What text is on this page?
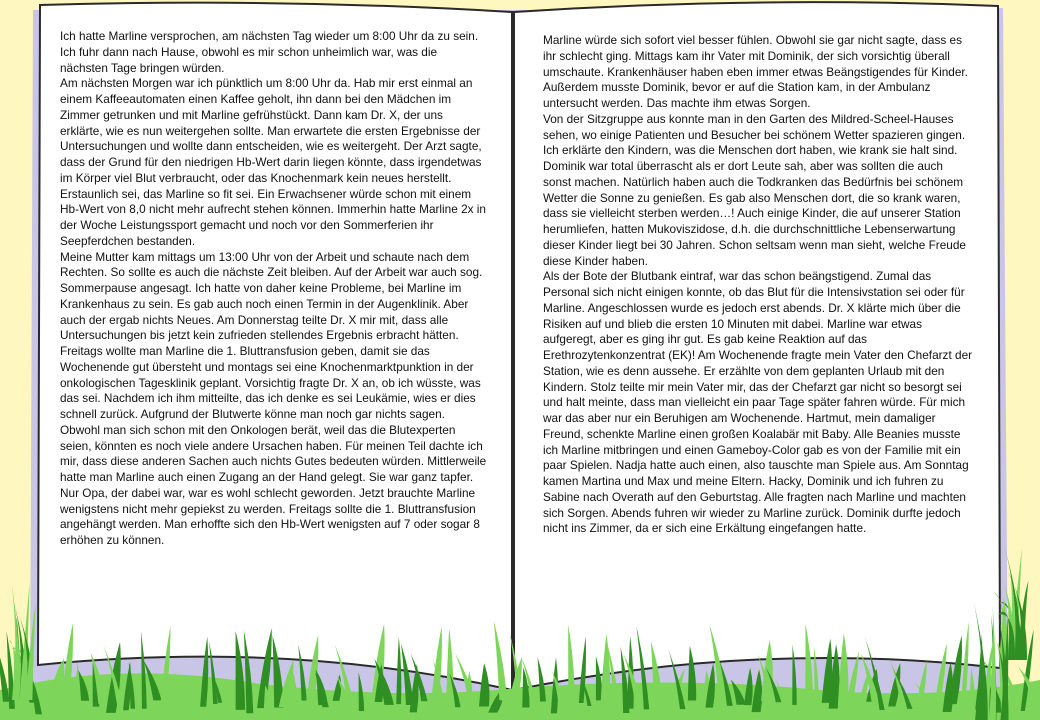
Ich hatte Marline versprochen, am nächsten Tag wieder um 8:00 Uhr da zu sein. Ich fuhr dann nach Hause, obwohl es mir schon unheimlich war, was die nächsten Tage bringen würden.

Am nächsten Morgen war ich pünktlich um 8:00 Uhr da. Hab mir erst einmal an einem Kaffeeautomaten einen Kaffee geholt, ihn dann bei den Mädchen im Zimmer getrunken und mit Marline gefrühstückt. Dann kam Dr. X, der uns erklärte, wie es nun weitergehen sollte. Man erwartete die ersten Ergebnisse der Untersuchungen und wollte dann entscheiden, wie es weitergeht. Der Arzt sagte, dass der Grund für den niedrigen Hb-Wert darin liegen könnte, dass irgendetwas im Körper viel Blut verbraucht, oder das Knochenmark kein neues herstellt. Erstaunlich sei, das Marline so fit sei. Ein Erwachsener würde schon mit einem Hb-Wert von 8,0 nicht mehr aufrecht stehen können. Immerhin hatte Marline 2x in der Woche Leistungssport gemacht und noch vor den Sommerferien ihr Seepferdchen bestanden.

Meine Mutter kam mittags um 13:00 Uhr von der Arbeit und schaute nach dem Rechten. So sollte es auch die nächste Zeit bleiben. Auf der Arbeit war auch sog. Sommerpause angesagt. Ich hatte von daher keine Probleme, bei Marline im Krankenhaus zu sein. Es gab auch noch einen Termin in der Augenklinik. Aber auch der ergab nichts Neues. Am Donnerstag teilte Dr. X mir mit, dass alle Untersuchungen bis jetzt kein zufrieden stellendes Ergebnis erbracht hätten. Freitags wollte man Marline die 1. Bluttransfusion geben, damit sie das Wochenende gut übersteht und montags sei eine Knochenmarktpunktion in der onkologischen Tagesklinik geplant. Vorsichtig fragte Dr. X an, ob ich wüsste, was das sei. Nachdem ich ihm mitteilte, das ich denke es sei Leukämie, wies er dies schnell zurück. Aufgrund der Blutwerte könne man noch gar nichts sagen. Obwohl man sich schon mit den Onkologen berät, weil das die Blutexperten seien, könnten es noch viele andere Ursachen haben. Für meinen Teil dachte ich mir, dass diese anderen Sachen auch nichts Gutes bedeuten würden. Mittlerweile hatte man Marline auch einen Zugang an der Hand gelegt. Sie war ganz tapfer. Nur Opa, der dabei war, war es wohl schlecht geworden. Jetzt brauchte Marline wenigstens nicht mehr gepiekst zu werden. Freitags sollte die 1. Bluttransfusion angehängt werden. Man erhoffte sich den Hb-Wert wenigsten auf 7 oder sogar 8 erhöhen zu können.

Marline würde sich sofort viel besser fühlen. Obwohl sie gar nicht sagte, dass es ihr schlecht ging. Mittags kam ihr Vater mit Dominik, der sich vorsichtig überall umschaute. Krankenhäuser haben eben immer etwas Beängstigendes für Kinder. Außerdem musste Dominik, bevor er auf die Station kam, in der Ambulanz untersucht werden. Das machte ihm etwas Sorgen.

Von der Sitzgruppe aus konnte man in den Garten des Mildred-Scheel-Hauses sehen, wo einige Patienten und Besucher bei schönem Wetter spazieren gingen. Ich erklärte den Kindern, was die Menschen dort haben, wie krank sie halt sind. Dominik war total überrascht als er dort Leute sah, aber was sollten die auch sonst machen. Natürlich haben auch die Todkranken das Bedürfnis bei schönem Wetter die Sonne zu genießen. Es gab also Menschen dort, die so krank waren, dass sie vielleicht sterben werden…! Auch einige Kinder, die auf unserer Station herumliefen, hatten Mukoviszidose, d.h. die durchschnittliche Lebenserwartung dieser Kinder liegt bei 30 Jahren. Schon seltsam wenn man sieht, welche Freude diese Kinder haben.

Als der Bote der Blutbank eintraf, war das schon beängstigend. Zumal das Personal sich nicht einigen konnte, ob das Blut für die Intensivstation sei oder für Marline. Angeschlossen wurde es jedoch erst abends. Dr. X klärte mich über die Risiken auf und blieb die ersten 10 Minuten mit dabei. Marline war etwas aufgeregt, aber es ging ihr gut. Es gab keine Reaktion auf das Erethrozytenkonzentrat (EK)! Am Wochenende fragte mein Vater den Chefarzt der Station, wie es denn aussehe. Er erzählte von dem geplanten Urlaub mit den Kindern. Stolz teilte mir mein Vater mir, das der Chefarzt gar nicht so besorgt sei und halt meinte, dass man vielleicht ein paar Tage später fahren würde. Für mich war das aber nur ein Beruhigen am Wochenende. Hartmut, mein damaliger Freund, schenkte Marline einen großen Koalabär mit Baby. Alle Beanies musste ich Marline mitbringen und einen Gameboy-Color gab es von der Familie mit ein paar Spielen. Nadja hatte auch einen, also tauschte man Spiele aus. Am Sonntag kamen Martina und Max und meine Eltern. Hacky, Dominik und ich fuhren zu Sabine nach Overath auf den Geburtstag. Alle fragten nach Marline und machten sich Sorgen. Abends fuhren wir wieder zu Marline zurück. Dominik durfte jedoch nicht ins Zimmer, da er sich eine Erkältung eingefangen hatte.
